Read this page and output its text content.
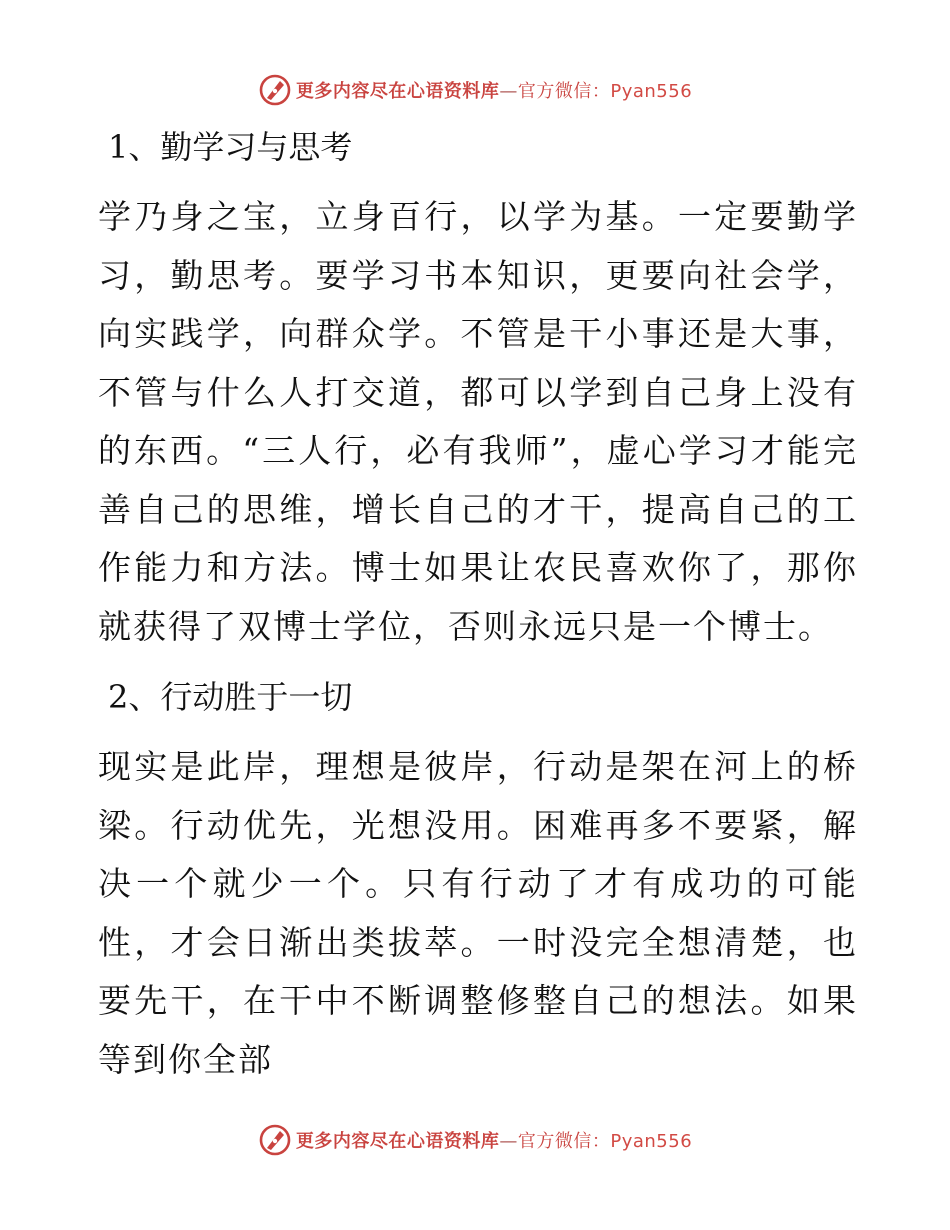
更多内容尽在心语资料库—官方微信：Pyan556
1、勤学习与思考

学乃身之宝，立身百行，以学为基。一定要勤学习，勤思考。要学习书本知识，更要向社会学，向实践学，向群众学。不管是干小事还是大事，不管与什么人打交道，都可以学到自己身上没有的东西。“三人行，必有我师”，虚心学习才能完善自己的思维，增长自己的才干，提高自己的工作能力和方法。博士如果让农民喜欢你了，那你就获得了双博士学位，否则永远只是一个博士。

2、行动胜于一切

现实是此岸，理想是彼岸，行动是架在河上的桥梁。行动优先，光想没用。困难再多不要紧，解决一个就少一个。只有行动了才有成功的可能性，才会日渐出类拔萃。一时没完全想清楚，也要先干，在干中不断调整修整自己的想法。如果等到你全部

更多内容尽在心语资料库—官方微信：Pyan556
